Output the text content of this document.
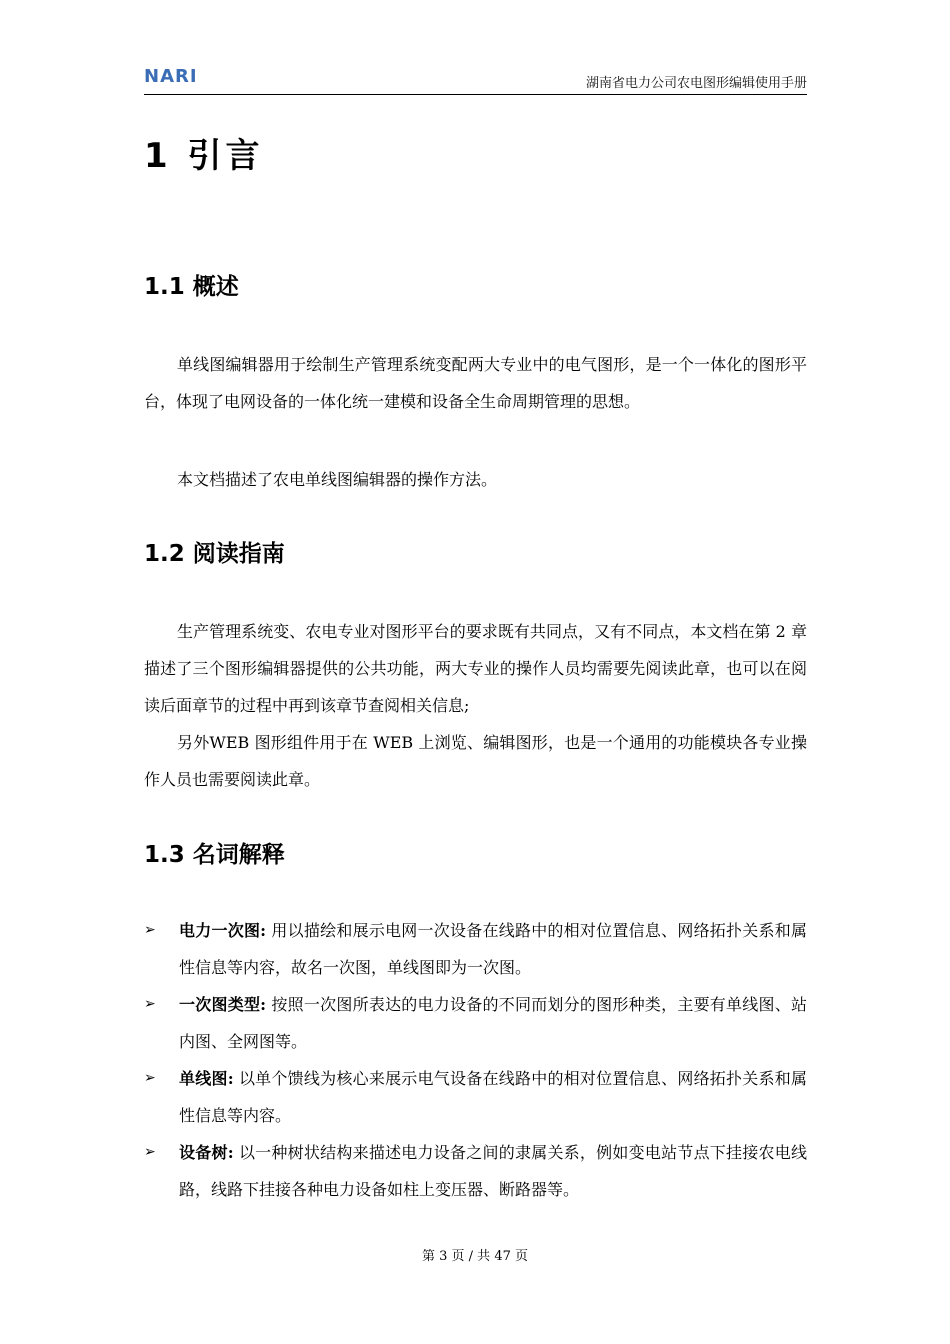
NARI	湖南省电力公司农电图形编辑使用手册
1 引言
1.1 概述
单线图编辑器用于绘制生产管理系统变配两大专业中的电气图形，是一个一体化的图形平台，体现了电网设备的一体化统一建模和设备全生命周期管理的思想。
本文档描述了农电单线图编辑器的操作方法。
1.2 阅读指南
生产管理系统变、农电专业对图形平台的要求既有共同点，又有不同点，本文档在第 2 章描述了三个图形编辑器提供的公共功能，两大专业的操作人员均需要先阅读此章，也可以在阅读后面章节的过程中再到该章节查阅相关信息;
另外WEB 图形组件用于在 WEB 上浏览、编辑图形，也是一个通用的功能模块各专业操作人员也需要阅读此章。
1.3 名词解释
➢ 电力一次图: 用以描绘和展示电网一次设备在线路中的相对位置信息、网络拓扑关系和属性信息等内容，故名一次图，单线图即为一次图。
➢ 一次图类型: 按照一次图所表达的电力设备的不同而划分的图形种类，主要有单线图、站内图、全网图等。
➢ 单线图: 以单个馈线为核心来展示电气设备在线路中的相对位置信息、网络拓扑关系和属性信息等内容。
➢ 设备树: 以一种树状结构来描述电力设备之间的隶属关系，例如变电站节点下挂接农电线路，线路下挂接各种电力设备如柱上变压器、断路器等。
第 3 页 / 共 47 页
